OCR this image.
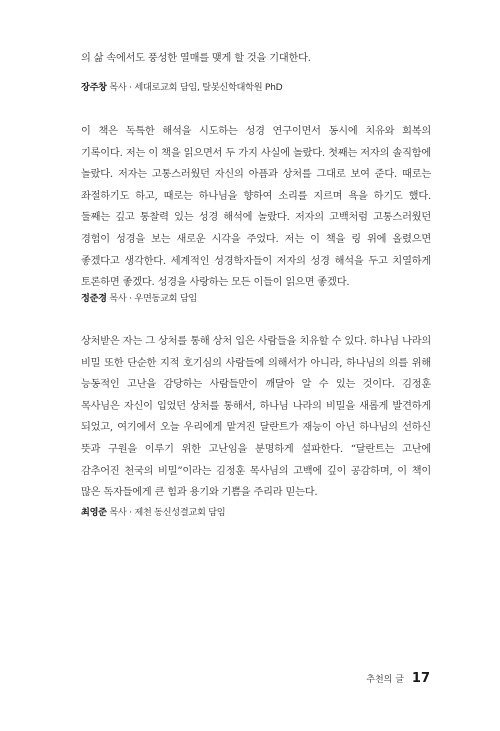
의 삶 속에서도 풍성한 열매를 맺게 할 것을 기대한다.

장주창 목사 · 세대로교회 담임, 탈봇신학대학원 PhD

이 책은 독특한 해석을 시도하는 성경 연구이면서 동시에 치유와 회복의 기록이다. 저는 이 책을 읽으면서 두 가지 사실에 놀랐다. 첫째는 저자의 솔직함에 놀랐다. 저자는 고통스러웠던 자신의 아픔과 상처를 그대로 보여 준다. 때로는 좌절하기도 하고, 때로는 하나님을 향하여 소리를 지르며 욕을 하기도 했다. 둘째는 깊고 통찰력 있는 성경 해석에 놀랐다. 저자의 고백처럼 고통스러웠던 경험이 성경을 보는 새로운 시각을 주었다. 저는 이 책을 링 위에 올렸으면 좋겠다고 생각한다. 세계적인 성경학자들이 저자의 성경 해석을 두고 치열하게 토론하면 좋겠다. 성경을 사랑하는 모든 이들이 읽으면 좋겠다.

정준경 목사 · 우면동교회 담임

상처받은 자는 그 상처를 통해 상처 입은 사람들을 치유할 수 있다. 하나님 나라의 비밀 또한 단순한 지적 호기심의 사람들에 의해서가 아니라, 하나님의 의를 위해 능동적인 고난을 감당하는 사람들만이 깨달아 알 수 있는 것이다. 김정훈 목사님은 자신이 입었던 상처를 통해서, 하나님 나라의 비밀을 새롭게 발견하게 되었고, 여기에서 오늘 우리에게 맡겨진 달란트가 재능이 아닌 하나님의 선하신 뜻과 구원을 이루기 위한 고난임을 분명하게 설파한다. “달란트는 고난에 감추어진 천국의 비밀”이라는 김정훈 목사님의 고백에 깊이 공감하며, 이 책이 많은 독자들에게 큰 힘과 용기와 기쁨을 주리라 믿는다.

최영준 목사 · 제천 동신성결교회 담임

추천의 글 17
